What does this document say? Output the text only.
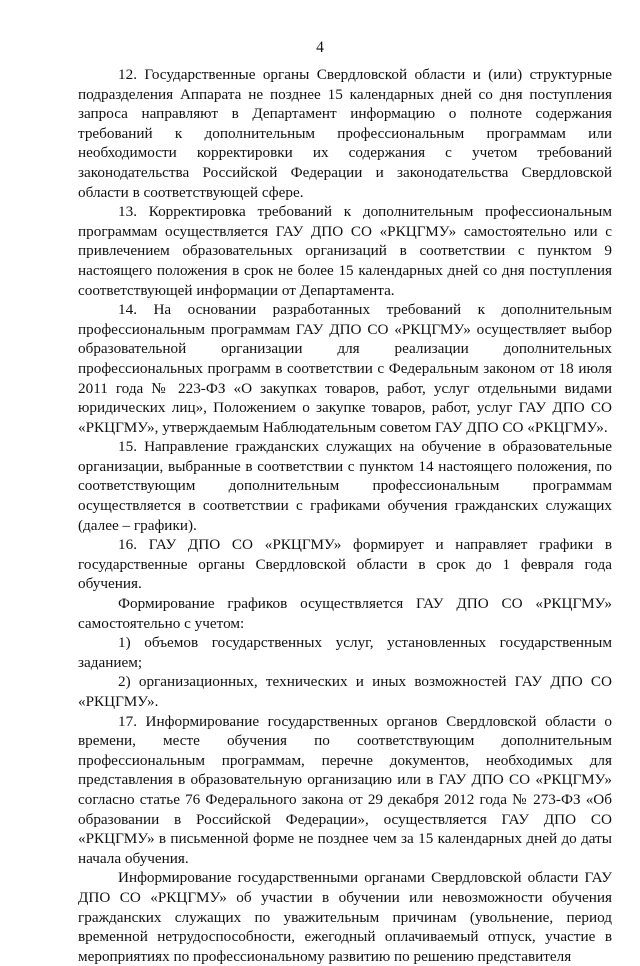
4

12. Государственные органы Свердловской области и (или) структурные подразделения Аппарата не позднее 15 календарных дней со дня поступления запроса направляют в Департамент информацию о полноте содержания требований к дополнительным профессиональным программам или необходимости корректировки их содержания с учетом требований законодательства Российской Федерации и законодательства Свердловской области в соответствующей сфере.

13. Корректировка требований к дополнительным профессиональным программам осуществляется ГАУ ДПО СО «РКЦГМУ» самостоятельно или с привлечением образовательных организаций в соответствии с пунктом 9 настоящего положения в срок не более 15 календарных дней со дня поступления соответствующей информации от Департамента.

14. На основании разработанных требований к дополнительным профессиональным программам ГАУ ДПО СО «РКЦГМУ» осуществляет выбор образовательной организации для реализации дополнительных профессиональных программ в соответствии с Федеральным законом от 18 июля 2011 года № 223-ФЗ «О закупках товаров, работ, услуг отдельными видами юридических лиц», Положением о закупке товаров, работ, услуг ГАУ ДПО СО «РКЦГМУ», утверждаемым Наблюдательным советом ГАУ ДПО СО «РКЦГМУ».

15. Направление гражданских служащих на обучение в образовательные организации, выбранные в соответствии с пунктом 14 настоящего положения, по соответствующим дополнительным профессиональным программам осуществляется в соответствии с графиками обучения гражданских служащих (далее – графики).

16. ГАУ ДПО СО «РКЦГМУ» формирует и направляет графики в государственные органы Свердловской области в срок до 1 февраля года обучения.

Формирование графиков осуществляется ГАУ ДПО СО «РКЦГМУ» самостоятельно с учетом:

1) объемов государственных услуг, установленных государственным заданием;

2) организационных, технических и иных возможностей ГАУ ДПО СО «РКЦГМУ».

17. Информирование государственных органов Свердловской области о времени, месте обучения по соответствующим дополнительным профессиональным программам, перечне документов, необходимых для представления в образовательную организацию или в ГАУ ДПО СО «РКЦГМУ» согласно статье 76 Федерального закона от 29 декабря 2012 года № 273-ФЗ «Об образовании в Российской Федерации», осуществляется ГАУ ДПО СО «РКЦГМУ» в письменной форме не позднее чем за 15 календарных дней до даты начала обучения.

Информирование государственными органами Свердловской области ГАУ ДПО СО «РКЦГМУ» об участии в обучении или невозможности обучения гражданских служащих по уважительным причинам (увольнение, период временной нетрудоспособности, ежегодный оплачиваемый отпуск, участие в мероприятиях по профессиональному развитию по решению представителя
